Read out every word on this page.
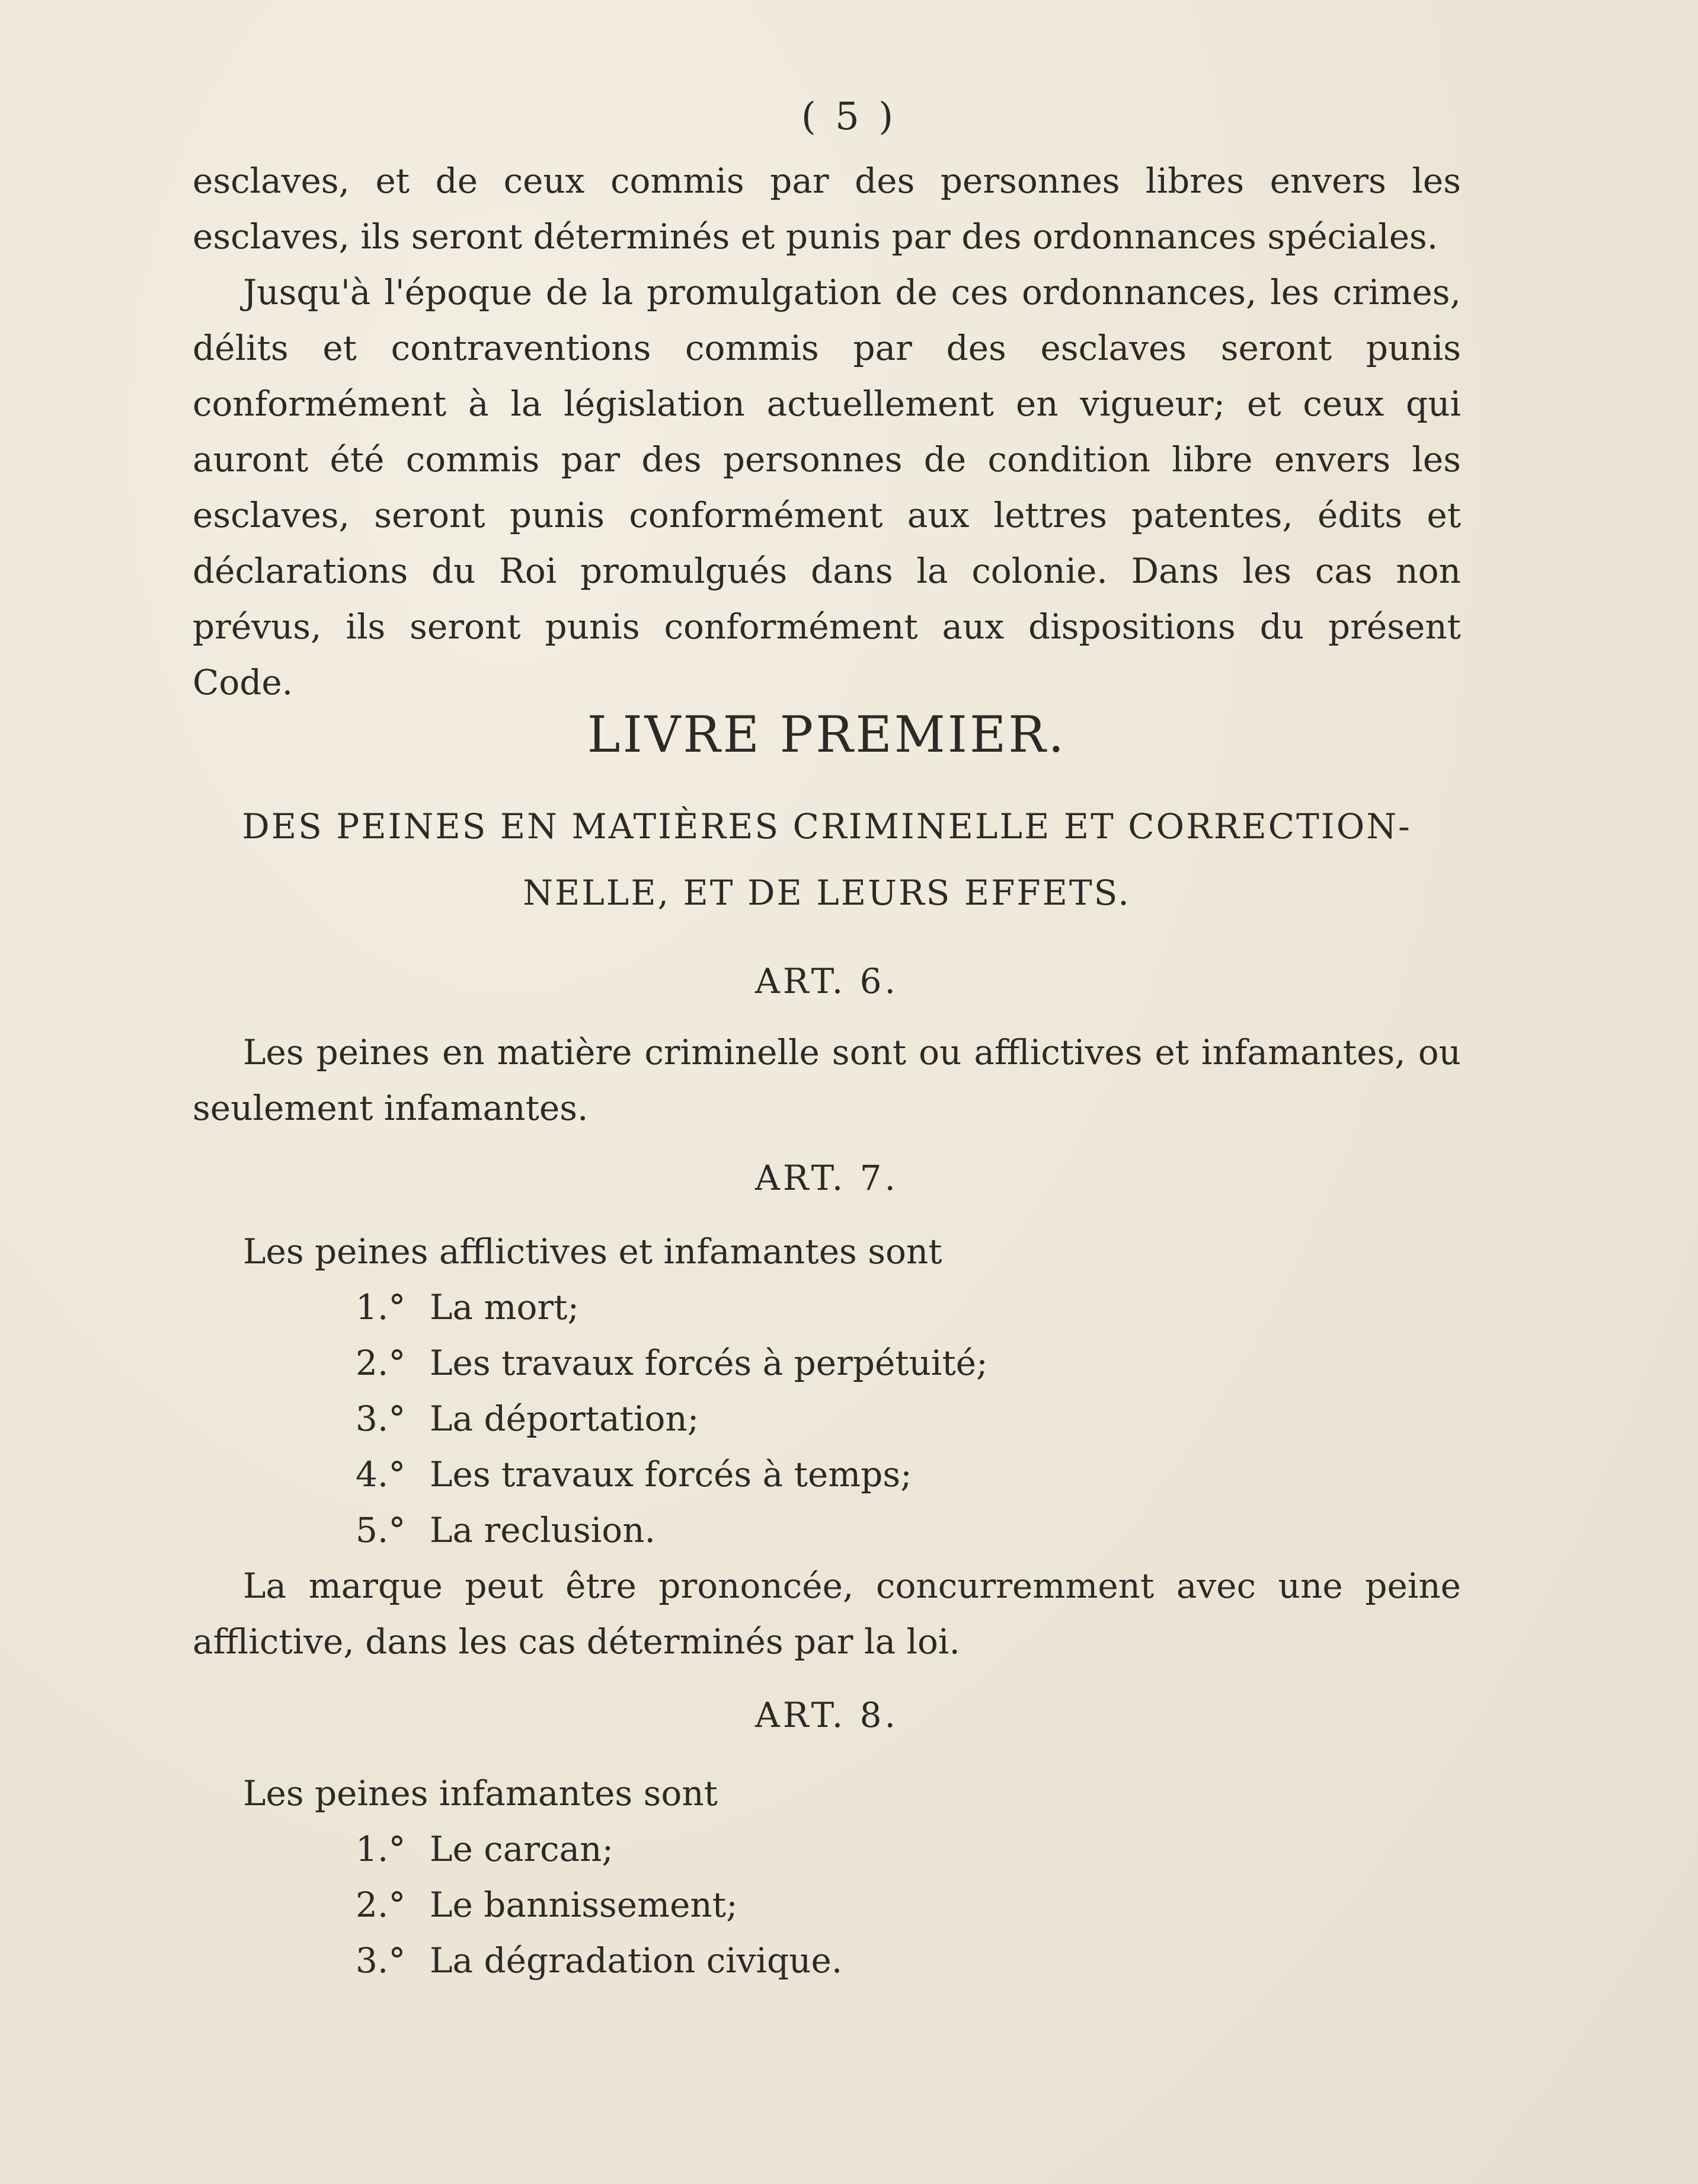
( 5 )
esclaves, et de ceux commis par des personnes libres envers les esclaves, ils seront déterminés et punis par des ordonnances spéciales.
Jusqu'à l'époque de la promulgation de ces ordonnances, les crimes, délits et contraventions commis par des esclaves seront punis conformément à la législation actuellement en vigueur; et ceux qui auront été commis par des personnes de condition libre envers les esclaves, seront punis conformément aux lettres patentes, édits et déclarations du Roi promulgués dans la colonie. Dans les cas non prévus, ils seront punis conformément aux dispositions du présent Code.
LIVRE PREMIER.
DES PEINES EN MATIÈRES CRIMINELLE ET CORRECTION-
NELLE, ET DE LEURS EFFETS.
ART. 6.
Les peines en matière criminelle sont ou afflictives et infamantes, ou seulement infamantes.
ART. 7.
Les peines afflictives et infamantes sont
1.° La mort;
2.° Les travaux forcés à perpétuité;
3.° La déportation;
4.° Les travaux forcés à temps;
5.° La reclusion.
La marque peut être prononcée, concurremment avec une peine afflictive, dans les cas déterminés par la loi.
ART. 8.
Les peines infamantes sont
1.° Le carcan;
2.° Le bannissement;
3.° La dégradation civique.
